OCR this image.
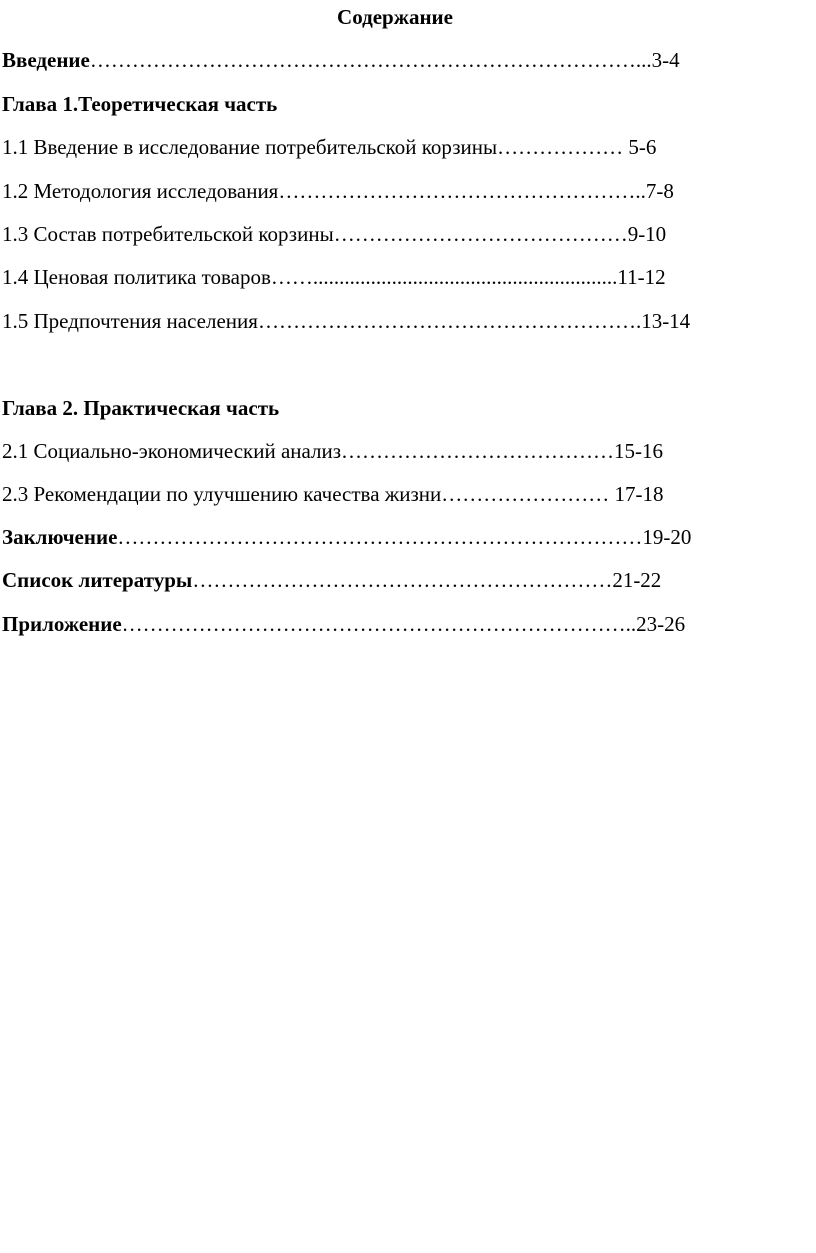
Содержание
Введение……………………………………………………………………...3-4
Глава 1.Теоретическая часть
1.1 Введение в исследование потребительской корзины……………… 5-6
1.2 Методология исследования……………………………………………..7-8
1.3 Состав потребительской корзины……………………………………9-10
1.4 Ценовая политика товаров……..........................................................11-12
1.5 Предпочтения населения……………………………………………….13-14
Глава 2. Практическая часть
2.1 Социально-экономический анализ…………………………………15-16
2.3 Рекомендации по улучшению качества жизни…………………… 17-18
Заключение…………………………………………………………………19-20
Список литературы……………………………………………………21-22
Приложение………………………………………………………………..23-26
